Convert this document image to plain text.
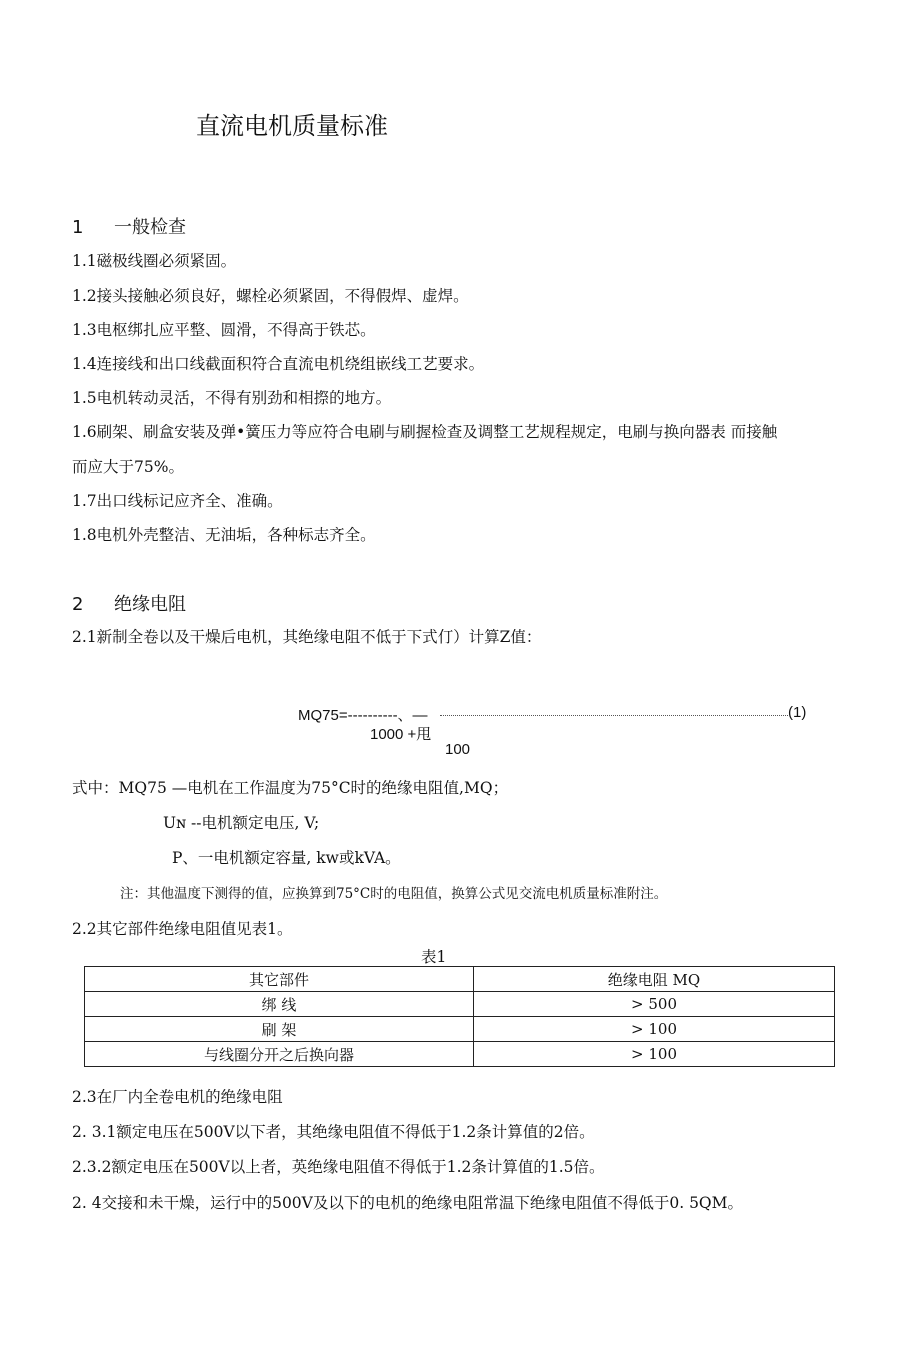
直流电机质量标准
1 一般检查
1.1磁极线圈必须紧固。
1.2接头接触必须良好，螺栓必须紧固，不得假焊、虚焊。
1.3电枢绑扎应平整、圆滑，不得高于铁芯。
1.4连接线和出口线截面积符合直流电机绕组嵌线工艺要求。
1.5电机转动灵活，不得有别劲和相摖的地方。
1.6刷架、刷盒安装及弹•簧压力等应符合电刷与刷握检查及调整工艺规程规定，电刷与换向器表 而接触
而应大于75%。
1.7出口线标记应齐全、准确。
1.8电机外壳整洁、无油垢，各种标志齐全。
2 绝缘电阻
2.1新制全卷以及干燥后电机，其绝缘电阻不低于下式仃）计算Z值：
MQ75=----------、—	(1)
1000 +甩
100
式中：MQ75 —电机在工作温度为75°C时的绝缘电阻值,MQ；
Uɴ --电机额定电压, V;
P、一电机额定容量, kw或kVA。
注：其他温度下测得的值，应换算到75°C时的电阻值，换算公式见交流电机质量标准附注。
2.2其它部件绝缘电阻值见表1。
表1
其它部件	绝缘电阻 MQ
绑 线	> 500
刷 架	> 100
与线圈分开之后换向器	> 100
2.3在厂内全卷电机的绝缘电阻
2. 3.1额定电压在500V以下者，其绝缘电阻值不得低于1.2条计算值的2倍。
2.3.2额定电压在500V以上者，英绝缘电阻值不得低于1.2条计算值的1.5倍。
2. 4交接和未干燥，运行中的500V及以下的电机的绝缘电阻常温下绝缘电阻值不得低于0. 5QM。
